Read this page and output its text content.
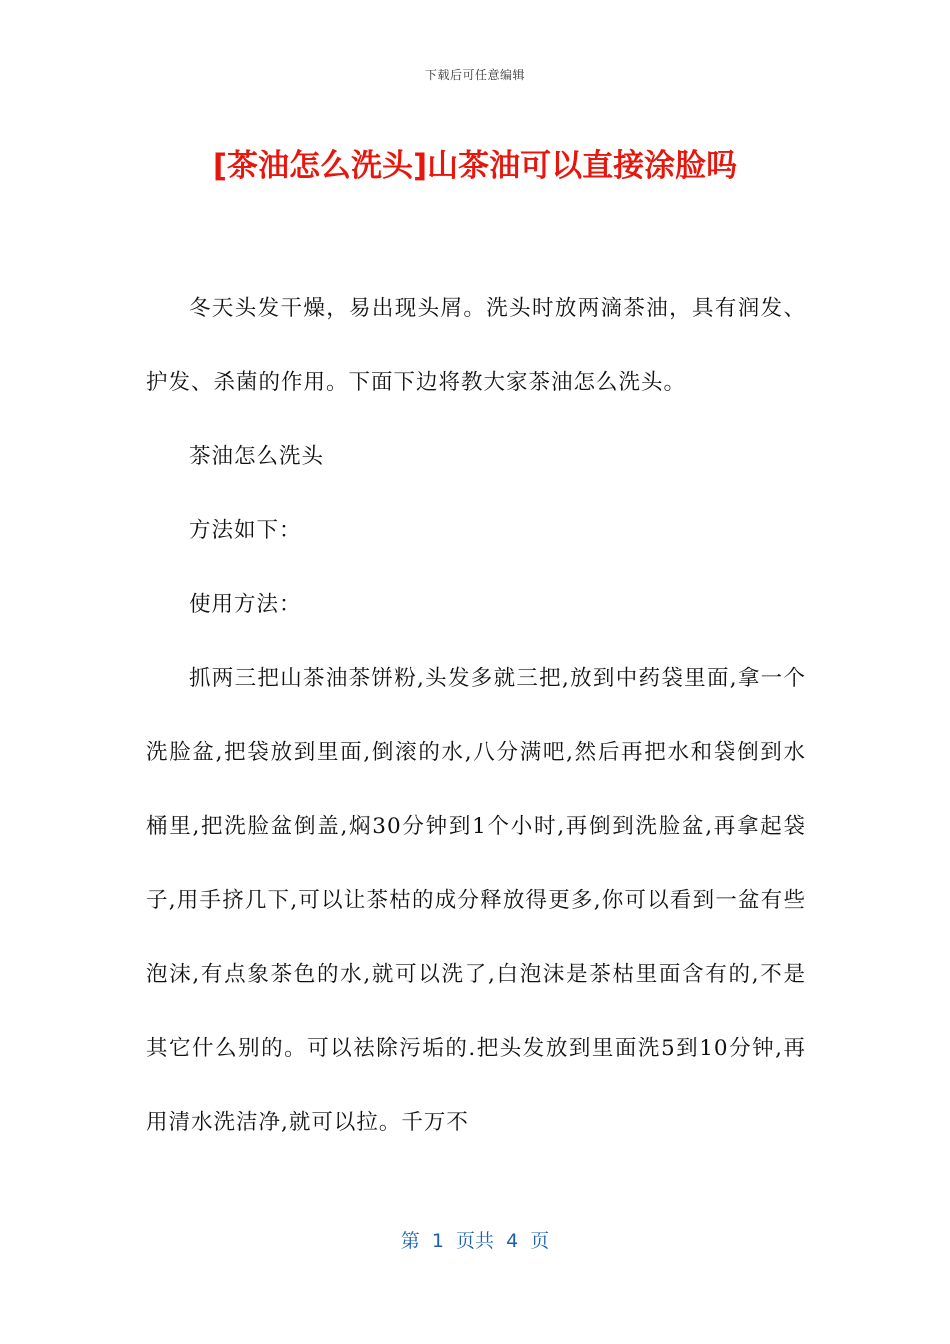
下载后可任意编辑
[茶油怎么洗头]山茶油可以直接涂脸吗

冬天头发干燥，易出现头屑。洗头时放两滴茶油，具有润发、护发、杀菌的作用。下面下边将教大家茶油怎么洗头。

茶油怎么洗头

方法如下：

使用方法：

抓两三把山茶油茶饼粉,头发多就三把,放到中药袋里面,拿一个洗脸盆,把袋放到里面,倒滚的水,八分满吧,然后再把水和袋倒到水桶里,把洗脸盆倒盖,焖30分钟到1个小时,再倒到洗脸盆,再拿起袋子,用手挤几下,可以让茶枯的成分释放得更多,你可以看到一盆有些泡沫,有点象茶色的水,就可以洗了,白泡沫是茶枯里面含有的,不是其它什么别的。可以祛除污垢的.把头发放到里面洗5到10分钟,再用清水洗洁净,就可以拉。千万不

第  1  页共  4  页
